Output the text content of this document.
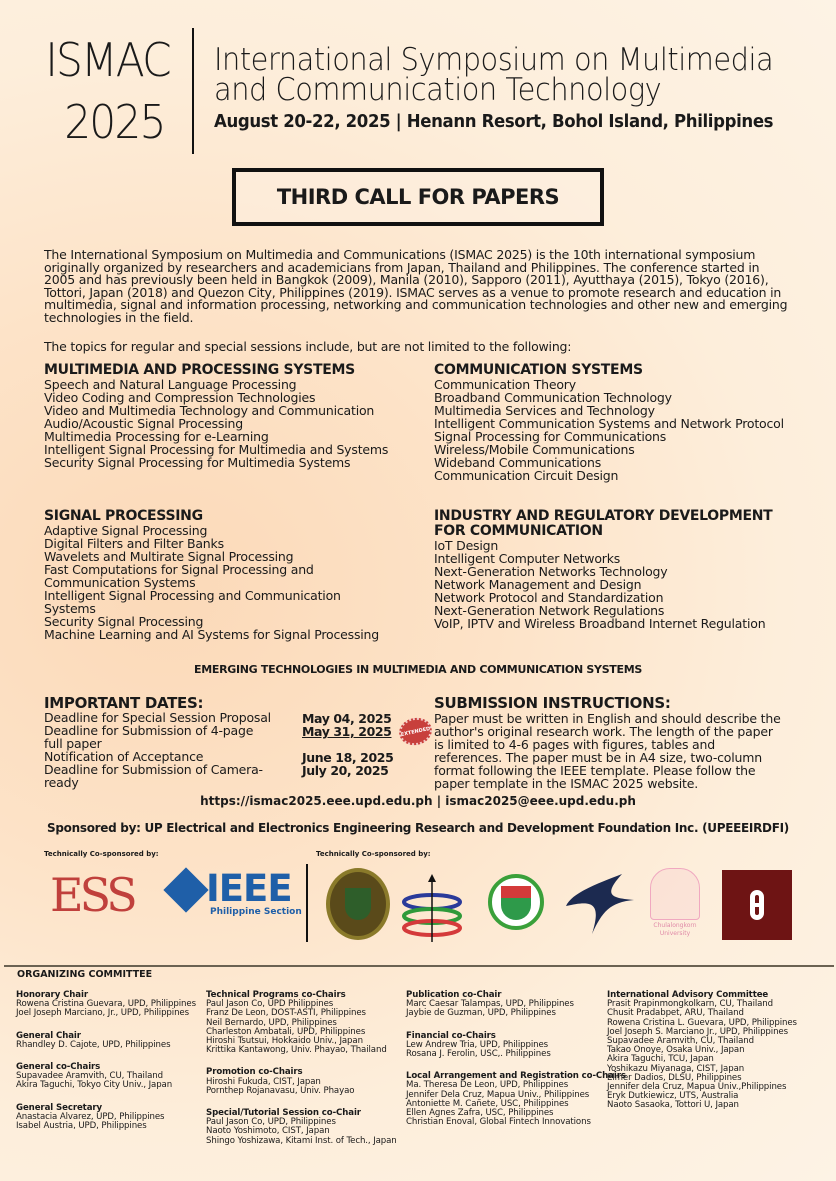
ISMAC
2025
International Symposium on Multimedia
and Communication Technology
August 20-22, 2025 | Henann Resort, Bohol Island, Philippines
THIRD CALL FOR PAPERS
The International Symposium on Multimedia and Communications (ISMAC 2025) is the 10th international symposium originally organized by researchers and academicians from Japan, Thailand and Philippines. The conference started in 2005 and has previously been held in Bangkok (2009), Manila (2010), Sapporo (2011), Ayutthaya (2015), Tokyo (2016), Tottori, Japan (2018) and Quezon City, Philippines (2019). ISMAC serves as a venue to promote research and education in multimedia, signal and information processing, networking and communication technologies and other new and emerging technologies in the field.
The topics for regular and special sessions include, but are not limited to the following:
MULTIMEDIA AND PROCESSING SYSTEMS
Speech and Natural Language Processing
Video Coding and Compression Technologies
Video and Multimedia Technology and Communication
Audio/Acoustic Signal Processing
Multimedia Processing for e-Learning
Intelligent Signal Processing for Multimedia and Systems
Security Signal Processing for Multimedia Systems
COMMUNICATION SYSTEMS
Communication Theory
Broadband Communication Technology
Multimedia Services and Technology
Intelligent Communication Systems and Network Protocol
Signal Processing for Communications
Wireless/Mobile Communications
Wideband Communications
Communication Circuit Design
SIGNAL PROCESSING
Adaptive Signal Processing
Digital Filters and Filter Banks
Wavelets and Multirate Signal Processing
Fast Computations for Signal Processing and
Communication Systems
Intelligent Signal Processing and Communication
Systems
Security Signal Processing
Machine Learning and AI Systems for Signal Processing
INDUSTRY AND REGULATORY DEVELOPMENT FOR COMMUNICATION
IoT Design
Intelligent Computer Networks
Next-Generation Networks Technology
Network Management and Design
Network Protocol and Standardization
Next-Generation Network Regulations
VoIP, IPTV and Wireless Broadband Internet Regulation
EMERGING TECHNOLOGIES IN MULTIMEDIA AND COMMUNICATION SYSTEMS
IMPORTANT DATES:
Deadline for Special Session Proposal May 04, 2025
Deadline for Submission of 4-page full paper
May 31, 2025
Notification of Acceptance	June 18, 2025
Deadline for Submission of Camera-ready
July 20, 2025
EXTENDED
SUBMISSION INSTRUCTIONS:
Paper must be written in English and should describe the author's original research work. The length of the paper is limited to 4-6 pages with figures, tables and references. The paper must be in A4 size, two-column format following the IEEE template. Please follow the paper template in the ISMAC 2025 website.
https://ismac2025.eee.upd.edu.ph | ismac2025@eee.upd.edu.ph
Sponsored by: UP Electrical and Electronics Engineering Research and Development Foundation Inc. (UPEEEIRDFI)
Technically Co-sponsored by:	Technically Co-sponsored by:
ESS IEEE
Philippine Section
Chulalongkorn University
ORGANIZING COMMITTEE
Honorary Chair
Rowena Cristina Guevara, UPD, Philippines
Joel Joseph Marciano, Jr., UPD, Philippines
General Chair
Rhandley D. Cajote, UPD, Philippines
General co-Chairs
Supavadee Aramvith, CU, Thailand
Akira Taguchi, Tokyo City Univ., Japan
General Secretary
Anastacia Alvarez, UPD, Philippines
Isabel Austria, UPD, Philippines
Technical Programs co-Chairs
Paul Jason Co, UPD Philippines
Franz De Leon, DOST-ASTI, Philippines
Neil Bernardo, UPD, Philippines
Charleston Ambatali, UPD, Philippines
Hiroshi Tsutsui, Hokkaido Univ., Japan
Krittika Kantawong, Univ. Phayao, Thailand
Promotion co-Chairs
Hiroshi Fukuda, CIST, Japan
Pornthep Rojanavasu, Univ. Phayao
Special/Tutorial Session co-Chair
Paul Jason Co, UPD, Philippines
Naoto Yoshimoto, CIST, Japan
Shingo Yoshizawa, Kitami Inst. of Tech., Japan
Publication co-Chair
Marc Caesar Talampas, UPD, Philippines
Jaybie de Guzman, UPD, Philippines
Financial co-Chairs
Lew Andrew Tria, UPD, Philippines
Rosana J. Ferolin, USC,. Philippines
Local Arrangement and Registration co-Chairs
Ma. Theresa De Leon, UPD, Philippines
Jennifer Dela Cruz, Mapua Univ., Philippines
Antoniette M. Cañete, USC, Philippines
Ellen Agnes Zafra, USC, Philippines
Christian Enoval, Global Fintech Innovations
International Advisory Committee
Prasit Prapinmongkolkarn, CU, Thailand
Chusit Pradabpet, ARU, Thailand
Rowena Cristina L. Guevara, UPD, Philippines
Joel Joseph S. Marciano Jr., UPD, Philippines
Supavadee Aramvith, CU, Thailand
Takao Onoye, Osaka Univ., Japan
Akira Taguchi, TCU, Japan
Yoshikazu Miyanaga, CIST, Japan
Elmer Dadios, DLSU, Philippines
Jennifer dela Cruz, Mapua Univ.,Philippines
Eryk Dutkiewicz, UTS, Australia
Naoto Sasaoka, Tottori U, Japan
